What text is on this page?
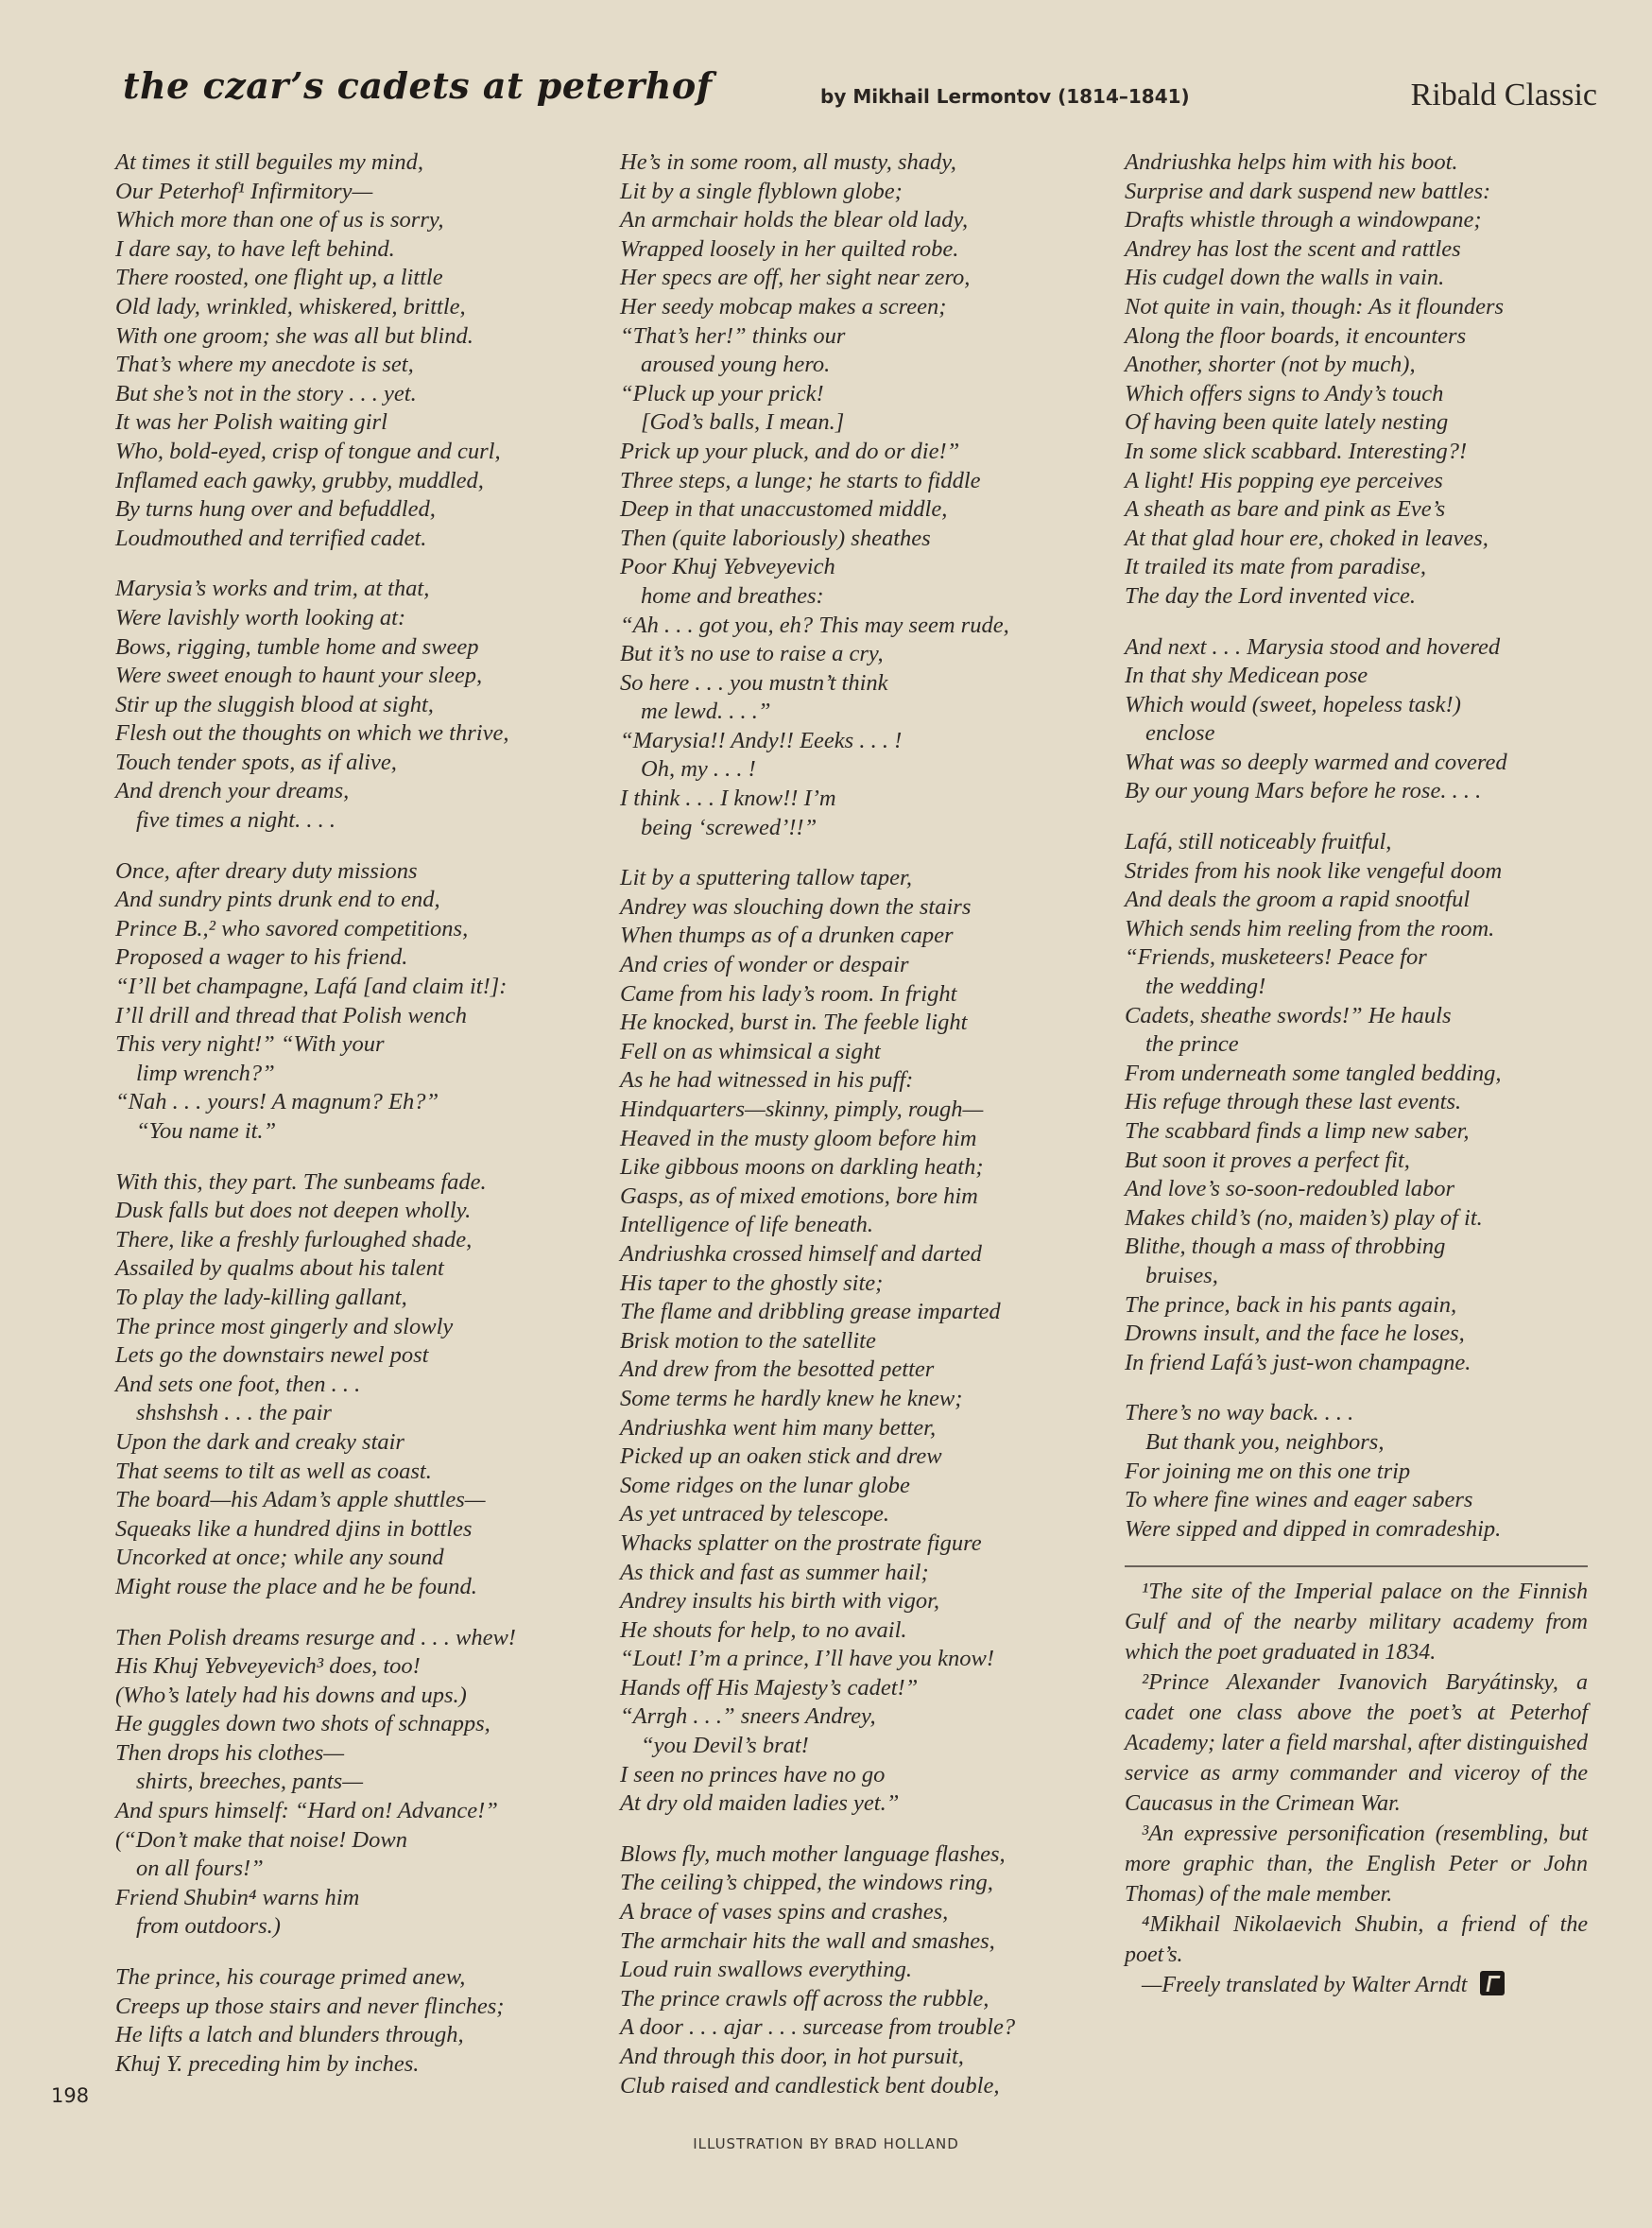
the czar’s cadets at peterhof	by Mikhail Lermontov (1814–1841)	Ribald Classic
At times it still beguiles my mind,
Our Peterhof¹ Infirmitory—
Which more than one of us is sorry,
I dare say, to have left behind.
There roosted, one flight up, a little
Old lady, wrinkled, whiskered, brittle,
With one groom; she was all but blind.
That’s where my anecdote is set,
But she’s not in the story . . . yet.
It was her Polish waiting girl
Who, bold-eyed, crisp of tongue and curl,
Inflamed each gawky, grubby, muddled,
By turns hung over and befuddled,
Loudmouthed and terrified cadet.
Marysia’s works and trim, at that,
Were lavishly worth looking at:
Bows, rigging, tumble home and sweep
Were sweet enough to haunt your sleep,
Stir up the sluggish blood at sight,
Flesh out the thoughts on which we thrive,
Touch tender spots, as if alive,
And drench your dreams,
five times a night. . . .
Once, after dreary duty missions
And sundry pints drunk end to end,
Prince B.,² who savored competitions,
Proposed a wager to his friend.
“I’ll bet champagne, Lafá [and claim it!]:
I’ll drill and thread that Polish wench
This very night!” “With your
limp wrench?”
“Nah . . . yours! A magnum? Eh?”
“You name it.”
With this, they part. The sunbeams fade.
Dusk falls but does not deepen wholly.
There, like a freshly furloughed shade,
Assailed by qualms about his talent
To play the lady-killing gallant,
The prince most gingerly and slowly
Lets go the downstairs newel post
And sets one foot, then . . .
shshshsh . . . the pair
Upon the dark and creaky stair
That seems to tilt as well as coast.
The board—his Adam’s apple shuttles—
Squeaks like a hundred djins in bottles
Uncorked at once; while any sound
Might rouse the place and he be found.
Then Polish dreams resurge and . . . whew!
His Khuj Yebveyevich³ does, too!
(Who’s lately had his downs and ups.)
He guggles down two shots of schnapps,
Then drops his clothes—
shirts, breeches, pants—
And spurs himself: “Hard on! Advance!”
(“Don’t make that noise! Down
on all fours!”
Friend Shubin⁴ warns him
from outdoors.)
The prince, his courage primed anew,
Creeps up those stairs and never flinches;
He lifts a latch and blunders through,
Khuj Y. preceding him by inches.
He’s in some room, all musty, shady,
Lit by a single flyblown globe;
An armchair holds the blear old lady,
Wrapped loosely in her quilted robe.
Her specs are off, her sight near zero,
Her seedy mobcap makes a screen;
“That’s her!” thinks our
aroused young hero.
“Pluck up your prick!
[God’s balls, I mean.]
Prick up your pluck, and do or die!”
Three steps, a lunge; he starts to fiddle
Deep in that unaccustomed middle,
Then (quite laboriously) sheathes
Poor Khuj Yebveyevich
home and breathes:
“Ah . . . got you, eh? This may seem rude,
But it’s no use to raise a cry,
So here . . . you mustn’t think
me lewd. . . .”
“Marysia!! Andy!! Eeeks . . . !
Oh, my . . . !
I think . . . I know!! I’m
being ‘screwed’!!”
Lit by a sputtering tallow taper,
Andrey was slouching down the stairs
When thumps as of a drunken caper
And cries of wonder or despair
Came from his lady’s room. In fright
He knocked, burst in. The feeble light
Fell on as whimsical a sight
As he had witnessed in his puff:
Hindquarters—skinny, pimply, rough—
Heaved in the musty gloom before him
Like gibbous moons on darkling heath;
Gasps, as of mixed emotions, bore him
Intelligence of life beneath.
Andriushka crossed himself and darted
His taper to the ghostly site;
The flame and dribbling grease imparted
Brisk motion to the satellite
And drew from the besotted petter
Some terms he hardly knew he knew;
Andriushka went him many better,
Picked up an oaken stick and drew
Some ridges on the lunar globe
As yet untraced by telescope.
Whacks splatter on the prostrate figure
As thick and fast as summer hail;
Andrey insults his birth with vigor,
He shouts for help, to no avail.
“Lout! I’m a prince, I’ll have you know!
Hands off His Majesty’s cadet!”
“Arrgh . . .” sneers Andrey,
“you Devil’s brat!
I seen no princes have no go
At dry old maiden ladies yet.”
Blows fly, much mother language flashes,
The ceiling’s chipped, the windows ring,
A brace of vases spins and crashes,
The armchair hits the wall and smashes,
Loud ruin swallows everything.
The prince crawls off across the rubble,
A door . . . ajar . . . surcease from trouble?
And through this door, in hot pursuit,
Club raised and candlestick bent double,
Andriushka helps him with his boot.
Surprise and dark suspend new battles:
Drafts whistle through a windowpane;
Andrey has lost the scent and rattles
His cudgel down the walls in vain.
Not quite in vain, though: As it flounders
Along the floor boards, it encounters
Another, shorter (not by much),
Which offers signs to Andy’s touch
Of having been quite lately nesting
In some slick scabbard. Interesting?!
A light! His popping eye perceives
A sheath as bare and pink as Eve’s
At that glad hour ere, choked in leaves,
It trailed its mate from paradise,
The day the Lord invented vice.
And next . . . Marysia stood and hovered
In that shy Medicean pose
Which would (sweet, hopeless task!)
enclose
What was so deeply warmed and covered
By our young Mars before he rose. . . .
Lafá, still noticeably fruitful,
Strides from his nook like vengeful doom
And deals the groom a rapid snootful
Which sends him reeling from the room.
“Friends, musketeers! Peace for
the wedding!
Cadets, sheathe swords!” He hauls
the prince
From underneath some tangled bedding,
His refuge through these last events.
The scabbard finds a limp new saber,
But soon it proves a perfect fit,
And love’s so-soon-redoubled labor
Makes child’s (no, maiden’s) play of it.
Blithe, though a mass of throbbing
bruises,
The prince, back in his pants again,
Drowns insult, and the face he loses,
In friend Lafá’s just-won champagne.
There’s no way back. . . .
But thank you, neighbors,
For joining me on this one trip
To where fine wines and eager sabers
Were sipped and dipped in comradeship.

¹The site of the Imperial palace on the Finnish Gulf and of the nearby military academy from which the poet graduated in 1834.

²Prince Alexander Ivanovich Baryátinsky, a cadet one class above the poet’s at Peterhof Academy; later a field marshal, after distinguished service as army commander and viceroy of the Caucasus in the Crimean War.

³An expressive personification (resembling, but more graphic than, the English Peter or John Thomas) of the male member.

⁴Mikhail Nikolaevich Shubin, a friend of the poet’s.

—Freely translated by Walter Arndt
198
ILLUSTRATION BY BRAD HOLLAND
